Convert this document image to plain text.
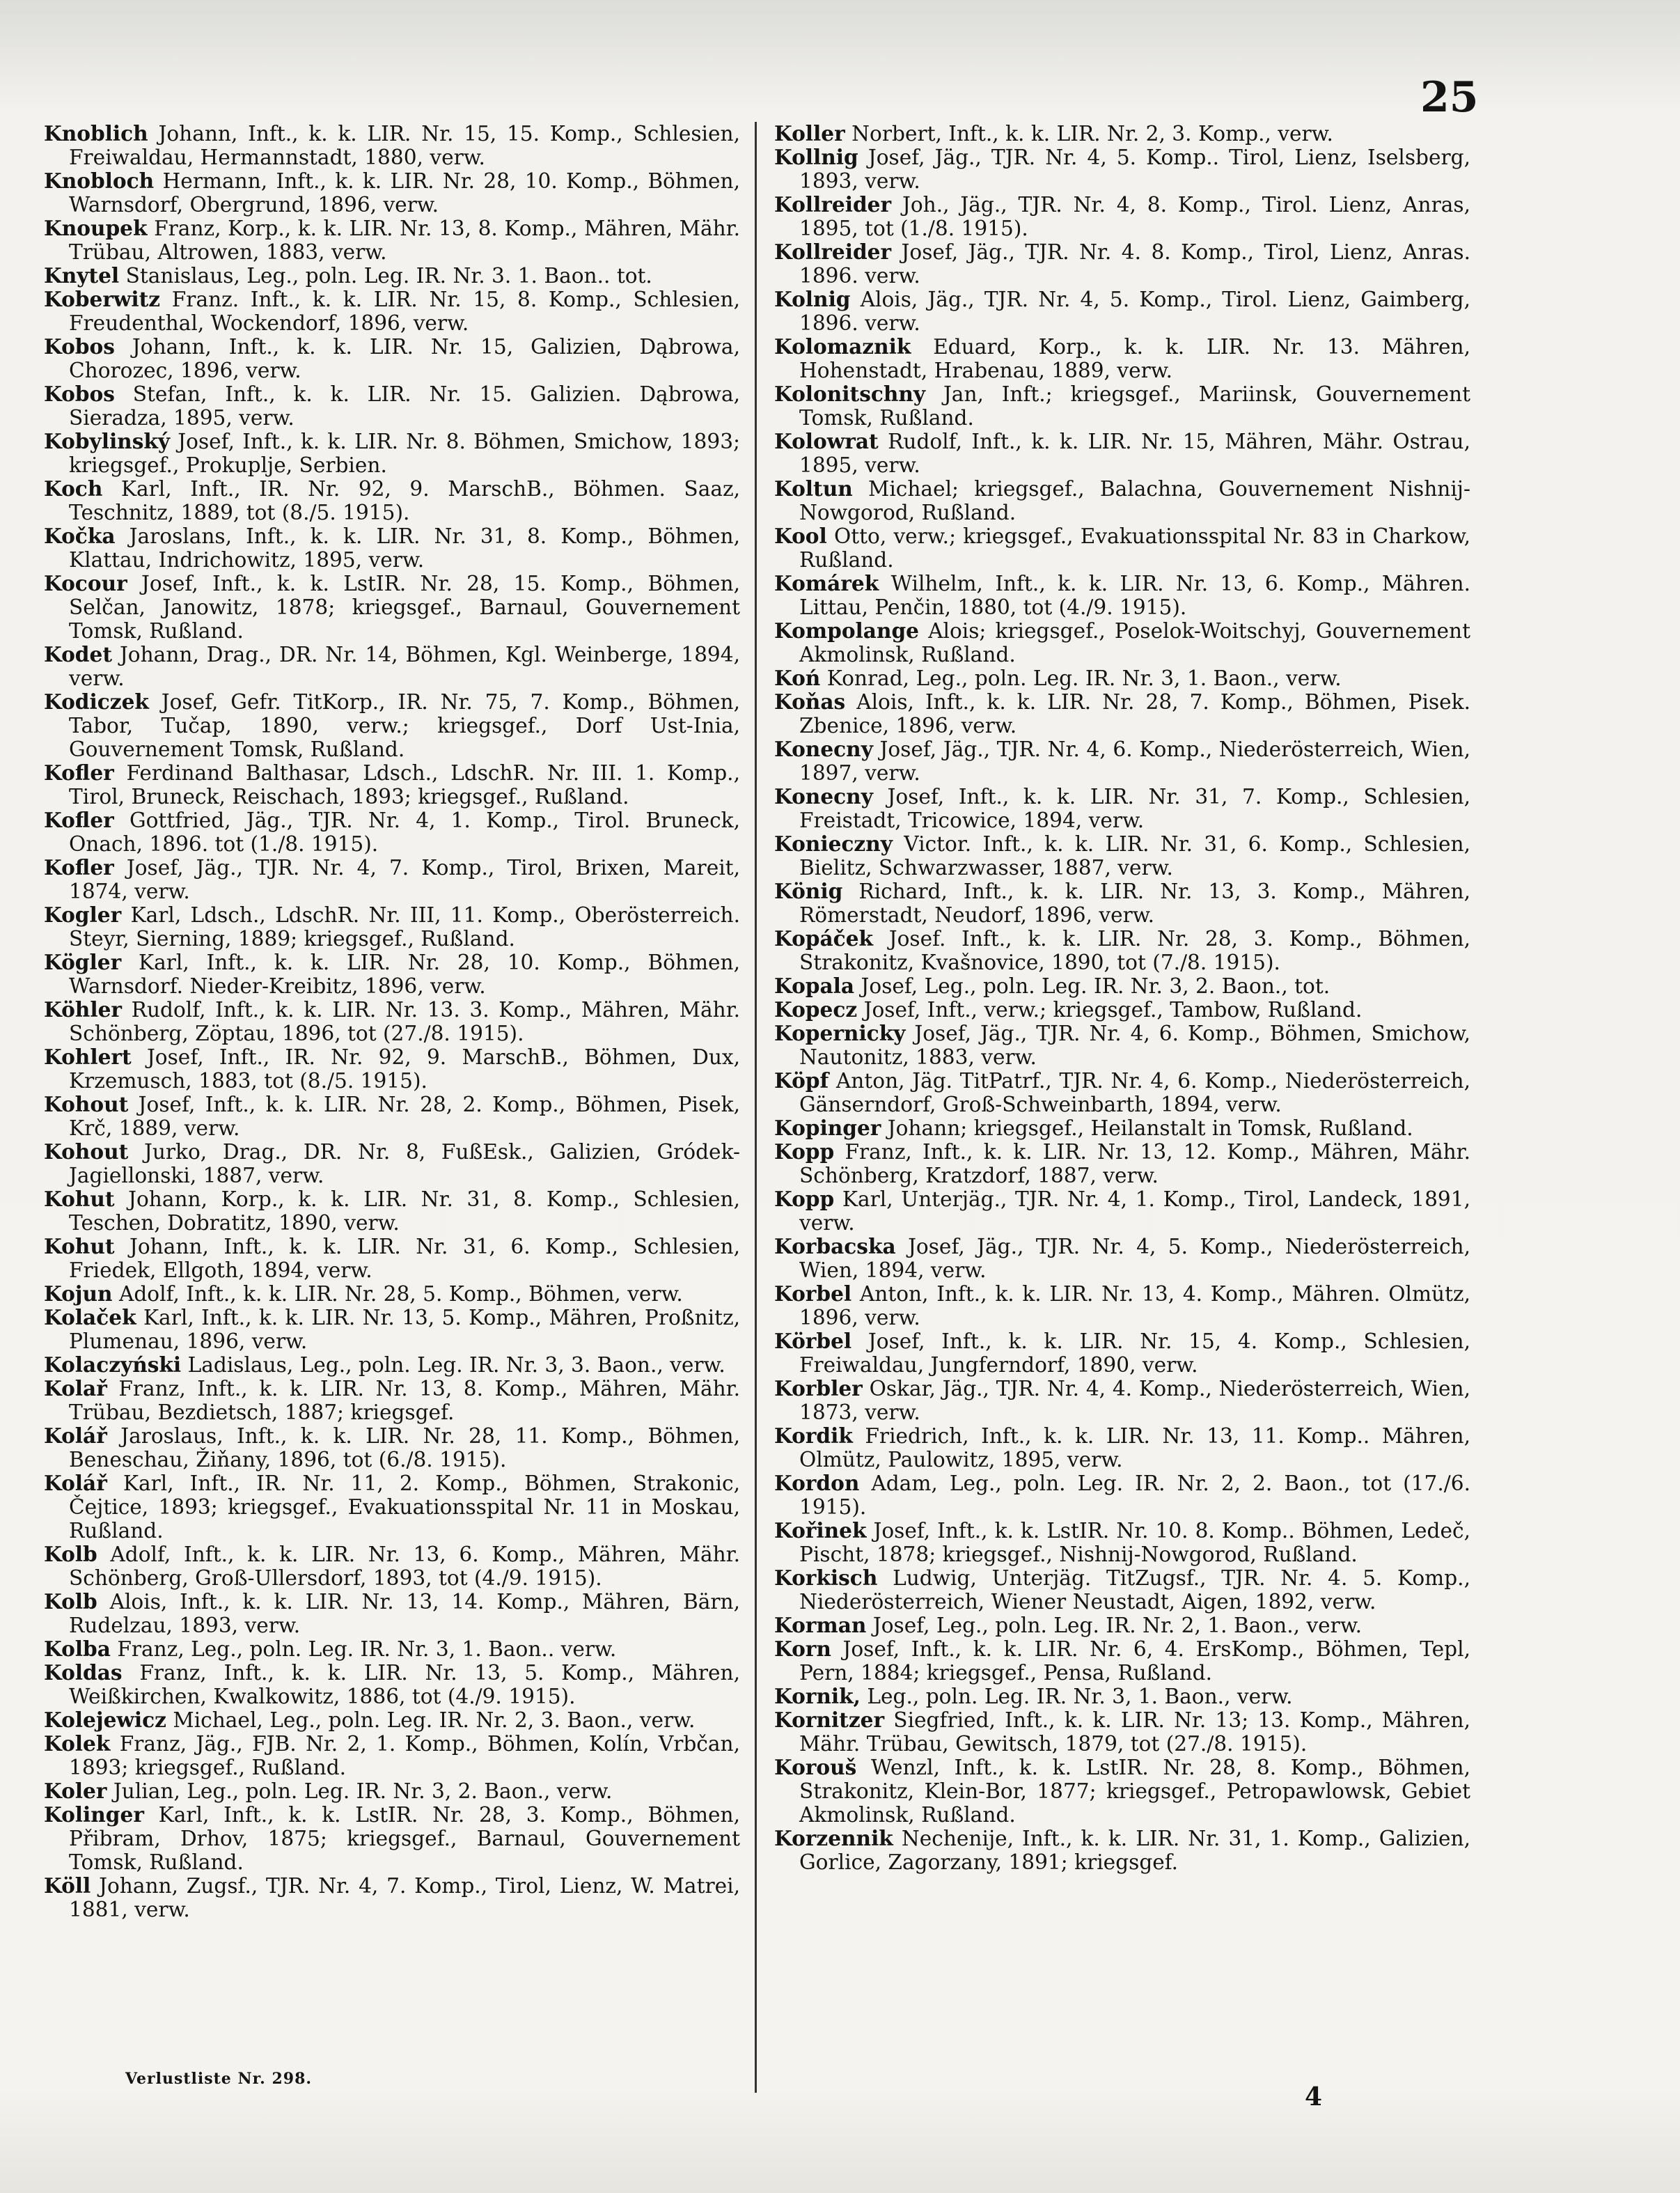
25

Knoblich Johann, Inft., k. k. LIR. Nr. 15, 15. Komp., Schlesien, Freiwaldau, Hermannstadt, 1880, verw.

Knobloch Hermann, Inft., k. k. LIR. Nr. 28, 10. Komp., Böhmen, Warnsdorf, Obergrund, 1896, verw.

Knoupek Franz, Korp., k. k. LIR. Nr. 13, 8. Komp., Mähren, Mähr. Trübau, Altrowen, 1883, verw.

Knytel Stanislaus, Leg., poln. Leg. IR. Nr. 3. 1. Baon.. tot.

Koberwitz Franz. Inft., k. k. LIR. Nr. 15, 8. Komp., Schlesien, Freudenthal, Wockendorf, 1896, verw.

Kobos Johann, Inft., k. k. LIR. Nr. 15, Galizien, Dąbrowa, Chorozec, 1896, verw.

Kobos Stefan, Inft., k. k. LIR. Nr. 15. Galizien. Dąbrowa, Sieradza, 1895, verw.

Kobylinský Josef, Inft., k. k. LIR. Nr. 8. Böhmen, Smichow, 1893; kriegsgef., Prokuplje, Serbien.

Koch Karl, Inft., IR. Nr. 92, 9. MarschB., Böhmen. Saaz, Teschnitz, 1889, tot (8./5. 1915).

Kočka Jaroslans, Inft., k. k. LIR. Nr. 31, 8. Komp., Böhmen, Klattau, Indrichowitz, 1895, verw.

Kocour Josef, Inft., k. k. LstIR. Nr. 28, 15. Komp., Böhmen, Selčan, Janowitz, 1878; kriegsgef., Barnaul, Gouvernement Tomsk, Rußland.

Kodet Johann, Drag., DR. Nr. 14, Böhmen, Kgl. Weinberge, 1894, verw.

Kodiczek Josef, Gefr. TitKorp., IR. Nr. 75, 7. Komp., Böhmen, Tabor, Tučap, 1890, verw.; kriegsgef., Dorf Ust-Inia, Gouvernement Tomsk, Rußland.

Kofler Ferdinand Balthasar, Ldsch., LdschR. Nr. III. 1. Komp., Tirol, Bruneck, Reischach, 1893; kriegsgef., Rußland.

Kofler Gottfried, Jäg., TJR. Nr. 4, 1. Komp., Tirol. Bruneck, Onach, 1896. tot (1./8. 1915).

Kofler Josef, Jäg., TJR. Nr. 4, 7. Komp., Tirol, Brixen, Mareit, 1874, verw.

Kogler Karl, Ldsch., LdschR. Nr. III, 11. Komp., Oberösterreich. Steyr, Sierning, 1889; kriegsgef., Rußland.

Kögler Karl, Inft., k. k. LIR. Nr. 28, 10. Komp., Böhmen, Warnsdorf. Nieder-Kreibitz, 1896, verw.

Köhler Rudolf, Inft., k. k. LIR. Nr. 13. 3. Komp., Mähren, Mähr. Schönberg, Zöptau, 1896, tot (27./8. 1915).

Kohlert Josef, Inft., IR. Nr. 92, 9. MarschB., Böhmen, Dux, Krzemusch, 1883, tot (8./5. 1915).

Kohout Josef, Inft., k. k. LIR. Nr. 28, 2. Komp., Böhmen, Pisek, Krč, 1889, verw.

Kohout Jurko, Drag., DR. Nr. 8, FußEsk., Galizien, Gródek-Jagiellonski, 1887, verw.

Kohut Johann, Korp., k. k. LIR. Nr. 31, 8. Komp., Schlesien, Teschen, Dobratitz, 1890, verw.

Kohut Johann, Inft., k. k. LIR. Nr. 31, 6. Komp., Schlesien, Friedek, Ellgoth, 1894, verw.

Kojun Adolf, Inft., k. k. LIR. Nr. 28, 5. Komp., Böhmen, verw.

Kolaček Karl, Inft., k. k. LIR. Nr. 13, 5. Komp., Mähren, Proßnitz, Plumenau, 1896, verw.

Kolaczyński Ladislaus, Leg., poln. Leg. IR. Nr. 3, 3. Baon., verw.

Kolař Franz, Inft., k. k. LIR. Nr. 13, 8. Komp., Mähren, Mähr. Trübau, Bezdietsch, 1887; kriegsgef.

Kolář Jaroslaus, Inft., k. k. LIR. Nr. 28, 11. Komp., Böhmen, Beneschau, Žiňany, 1896, tot (6./8. 1915).

Kolář Karl, Inft., IR. Nr. 11, 2. Komp., Böhmen, Strakonic, Čejtice, 1893; kriegsgef., Evakuationsspital Nr. 11 in Moskau, Rußland.

Kolb Adolf, Inft., k. k. LIR. Nr. 13, 6. Komp., Mähren, Mähr. Schönberg, Groß-Ullersdorf, 1893, tot (4./9. 1915).

Kolb Alois, Inft., k. k. LIR. Nr. 13, 14. Komp., Mähren, Bärn, Rudelzau, 1893, verw.

Kolba Franz, Leg., poln. Leg. IR. Nr. 3, 1. Baon.. verw.

Koldas Franz, Inft., k. k. LIR. Nr. 13, 5. Komp., Mähren, Weißkirchen, Kwalkowitz, 1886, tot (4./9. 1915).

Kolejewicz Michael, Leg., poln. Leg. IR. Nr. 2, 3. Baon., verw.

Kolek Franz, Jäg., FJB. Nr. 2, 1. Komp., Böhmen, Kolín, Vrbčan, 1893; kriegsgef., Rußland.

Koler Julian, Leg., poln. Leg. IR. Nr. 3, 2. Baon., verw.

Kolinger Karl, Inft., k. k. LstIR. Nr. 28, 3. Komp., Böhmen, Přibram, Drhov, 1875; kriegsgef., Barnaul, Gouvernement Tomsk, Rußland.

Köll Johann, Zugsf., TJR. Nr. 4, 7. Komp., Tirol, Lienz, W. Matrei, 1881, verw.

Koller Norbert, Inft., k. k. LIR. Nr. 2, 3. Komp., verw.

Kollnig Josef, Jäg., TJR. Nr. 4, 5. Komp.. Tirol, Lienz, Iselsberg, 1893, verw.

Kollreider Joh., Jäg., TJR. Nr. 4, 8. Komp., Tirol. Lienz, Anras, 1895, tot (1./8. 1915).

Kollreider Josef, Jäg., TJR. Nr. 4. 8. Komp., Tirol, Lienz, Anras. 1896. verw.

Kolnig Alois, Jäg., TJR. Nr. 4, 5. Komp., Tirol. Lienz, Gaimberg, 1896. verw.

Kolomaznik Eduard, Korp., k. k. LIR. Nr. 13. Mähren, Hohenstadt, Hrabenau, 1889, verw.

Kolonitschny Jan, Inft.; kriegsgef., Mariinsk, Gouvernement Tomsk, Rußland.

Kolowrat Rudolf, Inft., k. k. LIR. Nr. 15, Mähren, Mähr. Ostrau, 1895, verw.

Koltun Michael; kriegsgef., Balachna, Gouvernement Nishnij-Nowgorod, Rußland.

Kool Otto, verw.; kriegsgef., Evakuationsspital Nr. 83 in Charkow, Rußland.

Komárek Wilhelm, Inft., k. k. LIR. Nr. 13, 6. Komp., Mähren. Littau, Penčin, 1880, tot (4./9. 1915).

Kompolange Alois; kriegsgef., Poselok-Woitschyj, Gouvernement Akmolinsk, Rußland.

Koń Konrad, Leg., poln. Leg. IR. Nr. 3, 1. Baon., verw.

Koňas Alois, Inft., k. k. LIR. Nr. 28, 7. Komp., Böhmen, Pisek. Zbenice, 1896, verw.

Konecny Josef, Jäg., TJR. Nr. 4, 6. Komp., Niederösterreich, Wien, 1897, verw.

Konecny Josef, Inft., k. k. LIR. Nr. 31, 7. Komp., Schlesien, Freistadt, Tricowice, 1894, verw.

Konieczny Victor. Inft., k. k. LIR. Nr. 31, 6. Komp., Schlesien, Bielitz, Schwarzwasser, 1887, verw.

König Richard, Inft., k. k. LIR. Nr. 13, 3. Komp., Mähren, Römerstadt, Neudorf, 1896, verw.

Kopáček Josef. Inft., k. k. LIR. Nr. 28, 3. Komp., Böhmen, Strakonitz, Kvašnovice, 1890, tot (7./8. 1915).

Kopala Josef, Leg., poln. Leg. IR. Nr. 3, 2. Baon., tot.

Kopecz Josef, Inft., verw.; kriegsgef., Tambow, Rußland.

Kopernicky Josef, Jäg., TJR. Nr. 4, 6. Komp., Böhmen, Smichow, Nautonitz, 1883, verw.

Köpf Anton, Jäg. TitPatrf., TJR. Nr. 4, 6. Komp., Niederösterreich, Gänserndorf, Groß-Schweinbarth, 1894, verw.

Kopinger Johann; kriegsgef., Heilanstalt in Tomsk, Rußland.

Kopp Franz, Inft., k. k. LIR. Nr. 13, 12. Komp., Mähren, Mähr. Schönberg, Kratzdorf, 1887, verw.

Kopp Karl, Unterjäg., TJR. Nr. 4, 1. Komp., Tirol, Landeck, 1891, verw.

Korbacska Josef, Jäg., TJR. Nr. 4, 5. Komp., Niederösterreich, Wien, 1894, verw.

Korbel Anton, Inft., k. k. LIR. Nr. 13, 4. Komp., Mähren. Olmütz, 1896, verw.

Körbel Josef, Inft., k. k. LIR. Nr. 15, 4. Komp., Schlesien, Freiwaldau, Jungferndorf, 1890, verw.

Korbler Oskar, Jäg., TJR. Nr. 4, 4. Komp., Niederösterreich, Wien, 1873, verw.

Kordik Friedrich, Inft., k. k. LIR. Nr. 13, 11. Komp.. Mähren, Olmütz, Paulowitz, 1895, verw.

Kordon Adam, Leg., poln. Leg. IR. Nr. 2, 2. Baon., tot (17./6. 1915).

Kořinek Josef, Inft., k. k. LstIR. Nr. 10. 8. Komp.. Böhmen, Ledeč, Pischt, 1878; kriegsgef., Nishnij-Nowgorod, Rußland.

Korkisch Ludwig, Unterjäg. TitZugsf., TJR. Nr. 4. 5. Komp., Niederösterreich, Wiener Neustadt, Aigen, 1892, verw.

Korman Josef, Leg., poln. Leg. IR. Nr. 2, 1. Baon., verw.

Korn Josef, Inft., k. k. LIR. Nr. 6, 4. ErsKomp., Böhmen, Tepl, Pern, 1884; kriegsgef., Pensa, Rußland.

Kornik, Leg., poln. Leg. IR. Nr. 3, 1. Baon., verw.

Kornitzer Siegfried, Inft., k. k. LIR. Nr. 13; 13. Komp., Mähren, Mähr. Trübau, Gewitsch, 1879, tot (27./8. 1915).

Korouš Wenzl, Inft., k. k. LstIR. Nr. 28, 8. Komp., Böhmen, Strakonitz, Klein-Bor, 1877; kriegsgef., Petropawlowsk, Gebiet Akmolinsk, Rußland.

Korzennik Nechenije, Inft., k. k. LIR. Nr. 31, 1. Komp., Galizien, Gorlice, Zagorzany, 1891; kriegsgef.

Verlustliste Nr. 298.
4
